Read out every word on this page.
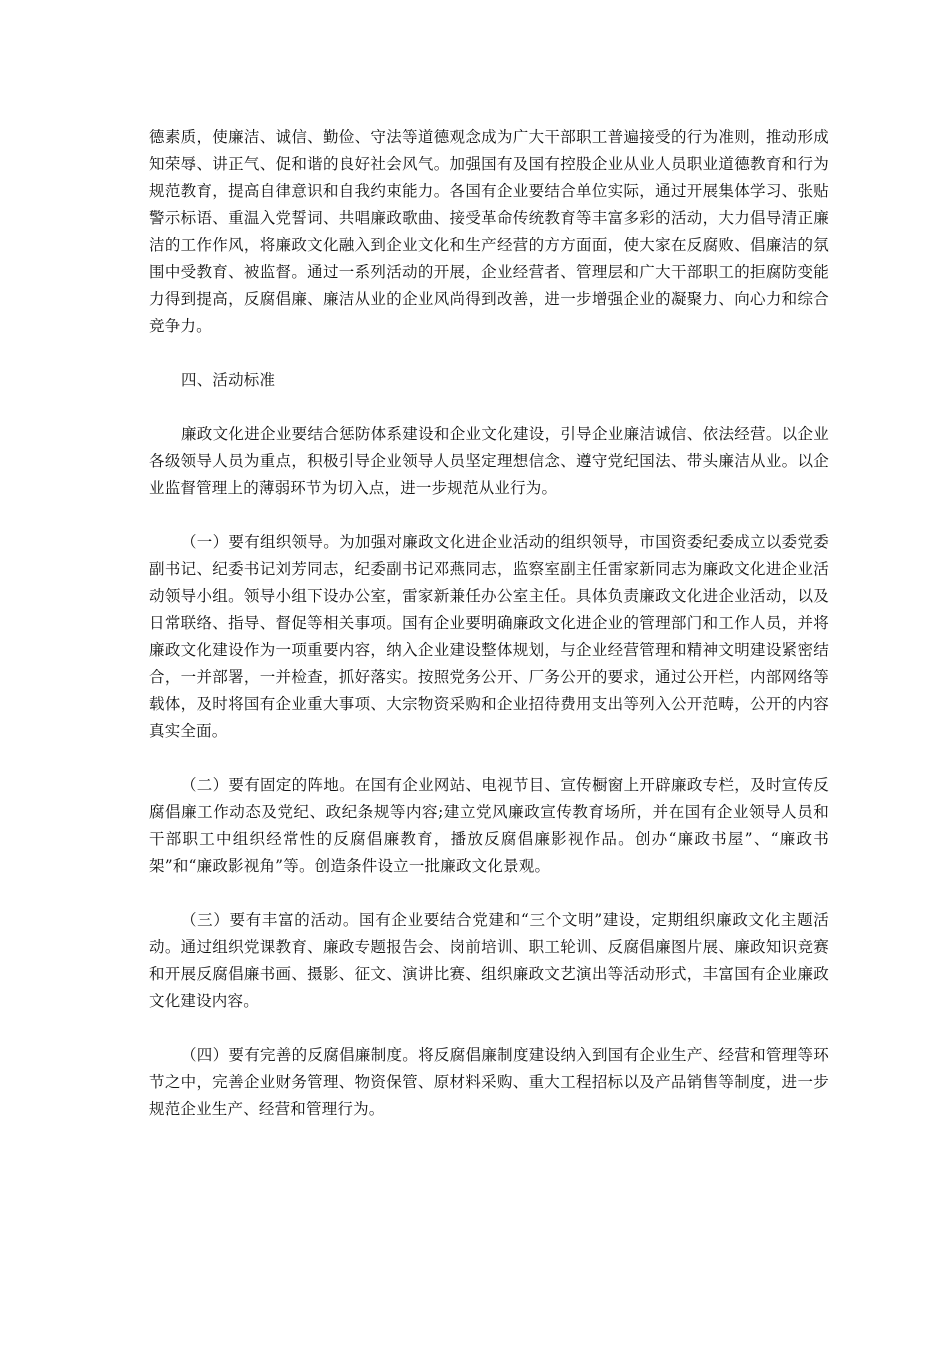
德素质，使廉洁、诚信、勤俭、守法等道德观念成为广大干部职工普遍接受的行为准则，推动形成知荣辱、讲正气、促和谐的良好社会风气。加强国有及国有控股企业从业人员职业道德教育和行为规范教育，提高自律意识和自我约束能力。各国有企业要结合单位实际，通过开展集体学习、张贴警示标语、重温入党誓词、共唱廉政歌曲、接受革命传统教育等丰富多彩的活动，大力倡导清正廉洁的工作作风，将廉政文化融入到企业文化和生产经营的方方面面，使大家在反腐败、倡廉洁的氛围中受教育、被监督。通过一系列活动的开展，企业经营者、管理层和广大干部职工的拒腐防变能力得到提高，反腐倡廉、廉洁从业的企业风尚得到改善，进一步增强企业的凝聚力、向心力和综合竞争力。

四、活动标准

廉政文化进企业要结合惩防体系建设和企业文化建设，引导企业廉洁诚信、依法经营。以企业各级领导人员为重点，积极引导企业领导人员坚定理想信念、遵守党纪国法、带头廉洁从业。以企业监督管理上的薄弱环节为切入点，进一步规范从业行为。

（一）要有组织领导。为加强对廉政文化进企业活动的组织领导，市国资委纪委成立以委党委副书记、纪委书记刘芳同志，纪委副书记邓燕同志，监察室副主任雷家新同志为廉政文化进企业活动领导小组。领导小组下设办公室，雷家新兼任办公室主任。具体负责廉政文化进企业活动，以及日常联络、指导、督促等相关事项。国有企业要明确廉政文化进企业的管理部门和工作人员，并将廉政文化建设作为一项重要内容，纳入企业建设整体规划，与企业经营管理和精神文明建设紧密结合，一并部署，一并检查，抓好落实。按照党务公开、厂务公开的要求，通过公开栏，内部网络等载体，及时将国有企业重大事项、大宗物资采购和企业招待费用支出等列入公开范畴，公开的内容真实全面。

（二）要有固定的阵地。在国有企业网站、电视节目、宣传橱窗上开辟廉政专栏，及时宣传反腐倡廉工作动态及党纪、政纪条规等内容;建立党风廉政宣传教育场所，并在国有企业领导人员和干部职工中组织经常性的反腐倡廉教育，播放反腐倡廉影视作品。创办“廉政书屋”、“廉政书架”和“廉政影视角”等。创造条件设立一批廉政文化景观。

（三）要有丰富的活动。国有企业要结合党建和“三个文明”建设，定期组织廉政文化主题活动。通过组织党课教育、廉政专题报告会、岗前培训、职工轮训、反腐倡廉图片展、廉政知识竞赛和开展反腐倡廉书画、摄影、征文、演讲比赛、组织廉政文艺演出等活动形式，丰富国有企业廉政文化建设内容。

（四）要有完善的反腐倡廉制度。将反腐倡廉制度建设纳入到国有企业生产、经营和管理等环节之中，完善企业财务管理、物资保管、原材料采购、重大工程招标以及产品销售等制度，进一步规范企业生产、经营和管理行为。
